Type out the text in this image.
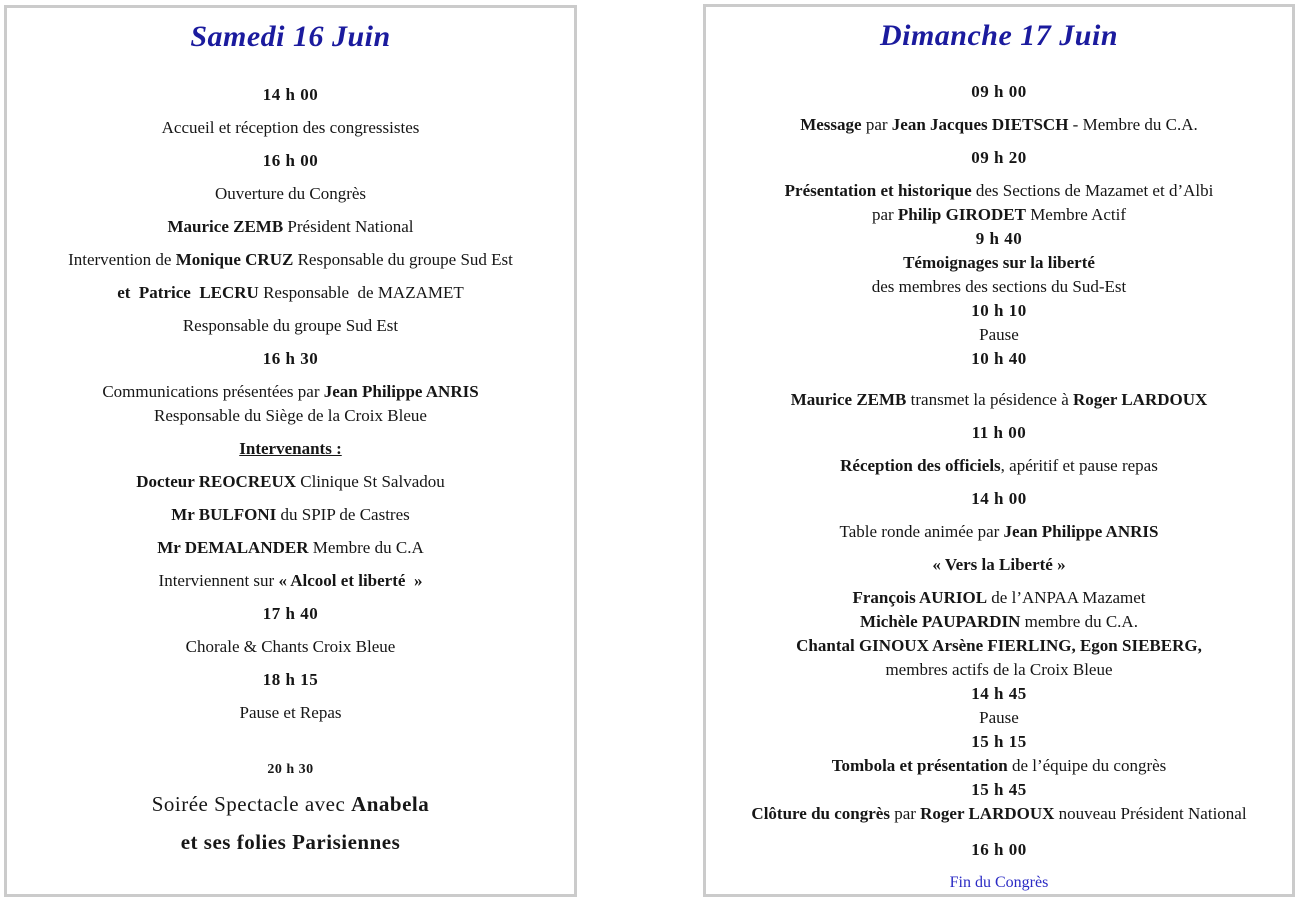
Samedi 16 Juin
14 h 00
Accueil et réception des congressistes
16 h 00
Ouverture du Congrès
Maurice ZEMB Président National
Intervention de Monique CRUZ Responsable du groupe Sud Est
et  Patrice  LECRU Responsable  de MAZAMET
Responsable du groupe Sud Est
16 h 30
Communications présentées par Jean Philippe ANRIS
Responsable du Siège de la Croix Bleue
Intervenants :
Docteur REOCREUX Clinique St Salvadou
Mr BULFONI du SPIP de Castres
Mr DEMALANDER Membre du C.A
Interviennent sur « Alcool et liberté  »
17 h 40
Chorale & Chants Croix Bleue
18 h 15
Pause et Repas
20 h 30
Soirée Spectacle avec Anabela
et ses folies Parisiennes
Dimanche 17 Juin
09 h 00
Message par Jean Jacques DIETSCH - Membre du C.A.
09 h 20
Présentation et historique des Sections de Mazamet et d’Albi
par Philip GIRODET Membre Actif
9 h 40
Témoignages sur la liberté
des membres des sections du Sud-Est
10 h 10
Pause
10 h 40
Maurice ZEMB transmet la pésidence à Roger LARDOUX
11 h 00
Réception des officiels, apéritif et pause repas
14 h 00
Table ronde animée par Jean Philippe ANRIS
« Vers la Liberté »
François AURIOL de l’ANPAA Mazamet
Michèle PAUPARDIN membre du C.A.
Chantal GINOUX Arsène FIERLING, Egon SIEBERG,
membres actifs de la Croix Bleue
14 h 45
Pause
15 h 15
Tombola et présentation de l’équipe du congrès
15 h 45
Clôture du congrès par Roger LARDOUX nouveau Président National
16 h 00
Fin du Congrès
